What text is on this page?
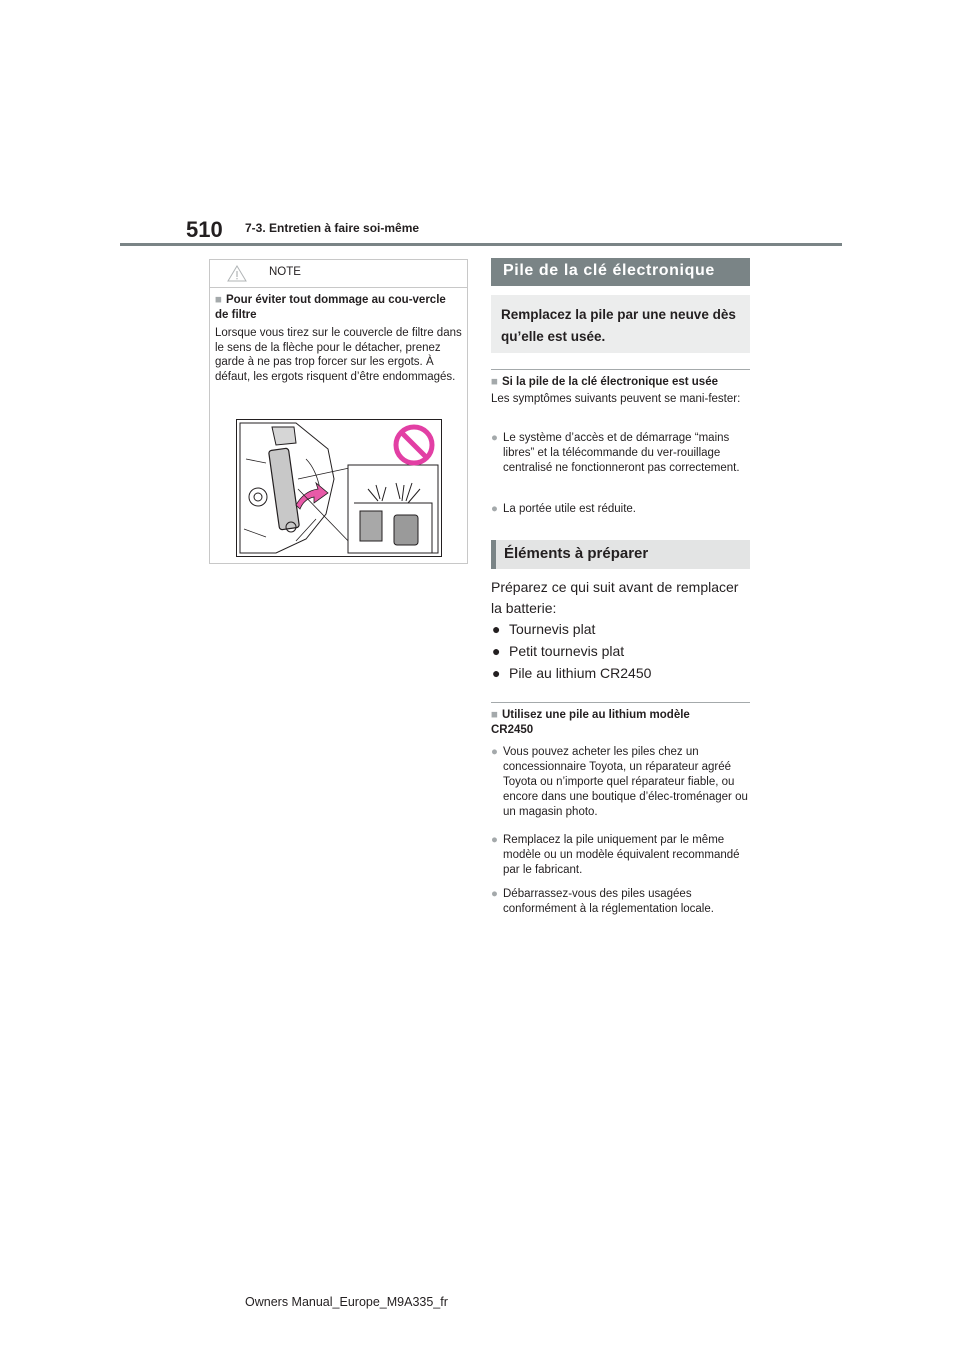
510 7-3. Entretien à faire soi-même
NOTE
■ Pour éviter tout dommage au cou-vercle de filtre
Lorsque vous tirez sur le couvercle de filtre dans le sens de la flèche pour le détacher, prenez garde à ne pas trop forcer sur les ergots. À défaut, les ergots risquent d’être endommagés.
Pile de la clé électronique
Remplacez la pile par une neuve dès qu’elle est usée.
■ Si la pile de la clé électronique est usée
Les symptômes suivants peuvent se mani-fester:
● Le système d’accès et de démarrage “mains libres” et la télécommande du ver-rouillage centralisé ne fonctionneront pas correctement.
● La portée utile est réduite.
Éléments à préparer
Préparez ce qui suit avant de remplacer la batterie:
● Tournevis plat
● Petit tournevis plat
● Pile au lithium CR2450
■ Utilisez une pile au lithium modèle CR2450
● Vous pouvez acheter les piles chez un concessionnaire Toyota, un réparateur agréé Toyota ou n’importe quel réparateur fiable, ou encore dans une boutique d’élec-troménager ou un magasin photo.
● Remplacez la pile uniquement par le même modèle ou un modèle équivalent recommandé par le fabricant.
● Débarrassez-vous des piles usagées conformément à la réglementation locale.
Owners Manual_Europe_M9A335_fr
